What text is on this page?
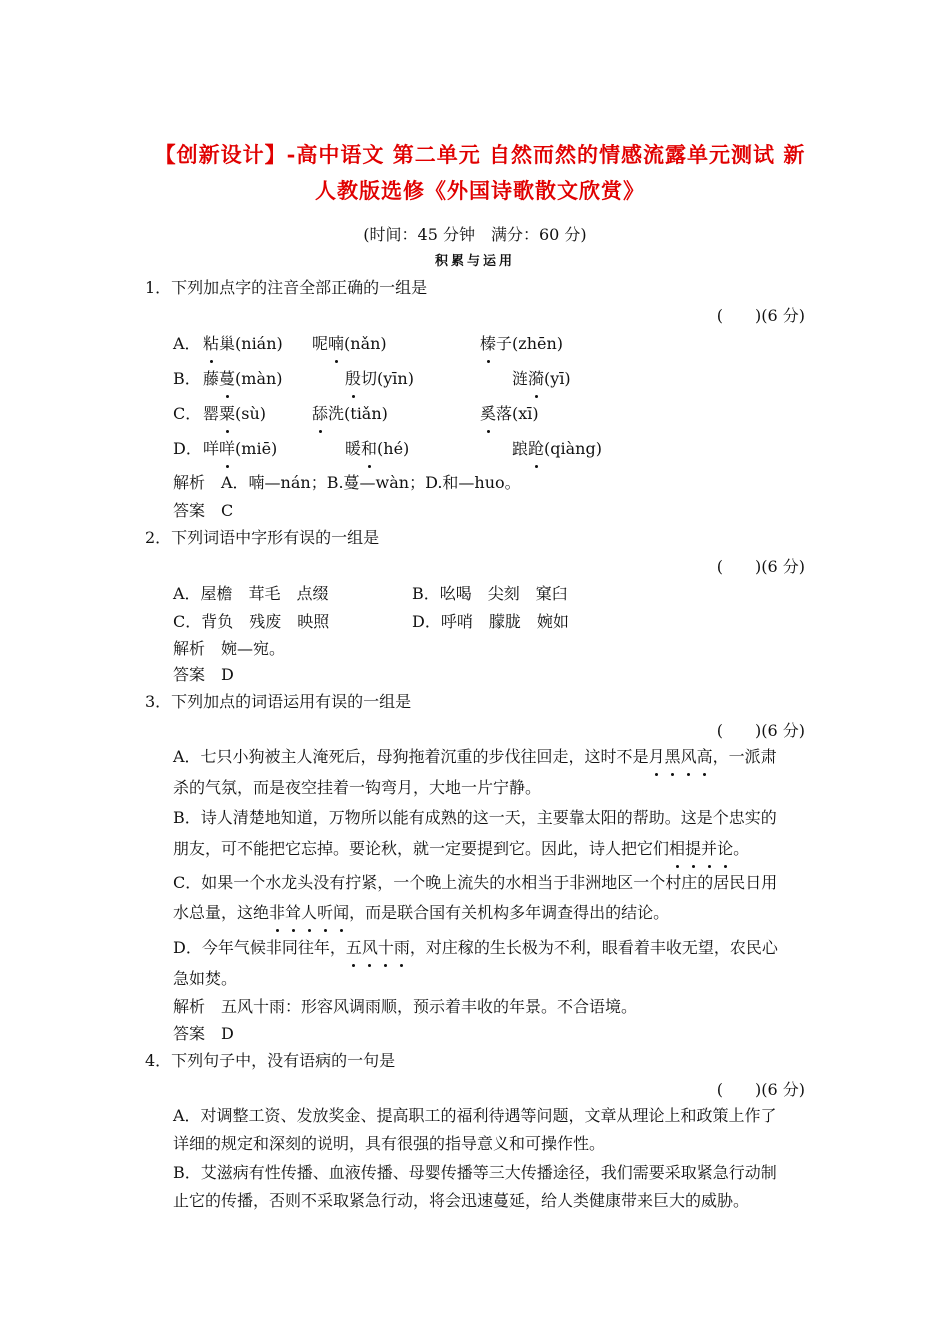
【创新设计】-高中语文 第二单元 自然而然的情感流露单元测试 新
人教版选修《外国诗歌散文欣赏》
(时间：45 分钟　满分：60 分)
积累与运用
1．下列加点字的注音全部正确的一组是
(　　)(6 分)
A． 粘巢(nián) 呢喃(nǎn)	榛子(zhēn)
B． 藤蔓(màn)	殷切(yīn)	涟漪(yī)
C． 罂粟(sù)	舔洗(tiǎn)	奚落(xī)
D． 咩咩(miē)	暖和(hé)	踉跄(qiàng)
解析　A．喃—nán；B.蔓—wàn；D.和—huo。
答案　C
2．下列词语中字形有误的一组是
(　　)(6 分)
A．屋檐　茸毛　点缀	B．吆喝　尖刻　窠臼
C．背负　残废　映照	D．呼哨　朦胧　婉如
解析　婉—宛。
答案　D
3．下列加点的词语运用有误的一组是
(　　)(6 分)
A．七只小狗被主人淹死后，母狗拖着沉重的步伐往回走，这时不是月黑风高，一派肃
杀的气氛，而是夜空挂着一钩弯月，大地一片宁静。
B．诗人清楚地知道，万物所以能有成熟的这一天，主要靠太阳的帮助。这是个忠实的
朋友，可不能把它忘掉。要论秋，就一定要提到它。因此，诗人把它们相提并论。
C．如果一个水龙头没有拧紧，一个晚上流失的水相当于非洲地区一个村庄的居民日用
水总量，这绝非耸人听闻，而是联合国有关机构多年调查得出的结论。
D．今年气候非同往年，五风十雨，对庄稼的生长极为不利，眼看着丰收无望，农民心
急如焚。
解析　五风十雨：形容风调雨顺，预示着丰收的年景。不合语境。
答案　D
4．下列句子中，没有语病的一句是
(　　)(6 分)
A．对调整工资、发放奖金、提高职工的福利待遇等问题，文章从理论上和政策上作了
详细的规定和深刻的说明，具有很强的指导意义和可操作性。
B．艾滋病有性传播、血液传播、母婴传播等三大传播途径，我们需要采取紧急行动制
止它的传播，否则不采取紧急行动，将会迅速蔓延，给人类健康带来巨大的威胁。
